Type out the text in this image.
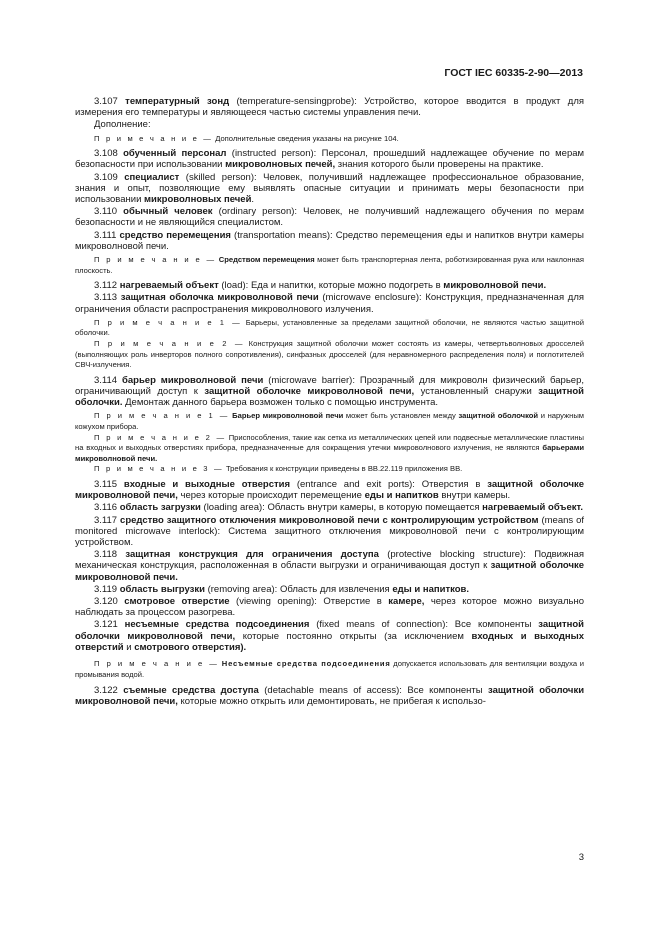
ГОСТ IEC 60335-2-90—2013

3.107 температурный зонд (temperature-sensingprobe): Устройство, которое вводится в продукт для измерения его температуры и являющееся частью системы управления печи.

Дополнение:

П р и м е ч а н и е — Дополнительные сведения указаны на рисунке 104.

3.108 обученный персонал (instructed person): Персонал, прошедший надлежащее обучение по мерам безопасности при использовании микроволновых печей, знания которого были проверены на практике.

3.109 специалист (skilled person): Человек, получивший надлежащее профессиональное образование, знания и опыт, позволяющие ему выявлять опасные ситуации и принимать меры безопасности при использовании микроволновых печей.

3.110 обычный человек (ordinary person): Человек, не получивший надлежащего обучения по мерам безопасности и не являющийся специалистом.

3.111 средство перемещения (transportation means): Средство перемещения еды и напитков внутри камеры микроволновой печи.

П р и м е ч а н и е — Средством перемещения может быть транспортерная лента, роботизированная рука или наклонная плоскость.

3.112 нагреваемый объект (load): Еда и напитки, которые можно подогреть в микроволновой печи.

3.113 защитная оболочка микроволновой печи (microwave enclosure): Конструкция, предназначенная для ограничения области распространения микроволнового излучения.

П р и м е ч а н и е 1 — Барьеры, установленные за пределами защитной оболочки, не являются частью защитной оболочки.

П р и м е ч а н и е 2 — Конструкция защитной оболочки может состоять из камеры, четвертьволновых дросселей (выполняющих роль инверторов полного сопротивления), синфазных дросселей (для неравномерного распределения поля) и поглотителей СВЧ-излучения.

3.114 барьер микроволновой печи (microwave barrier): Прозрачный для микроволн физический барьер, ограничивающий доступ к защитной оболочке микроволновой печи, установленный снаружи защитной оболочки. Демонтаж данного барьера возможен только с помощью инструмента.

П р и м е ч а н и е 1 — Барьер микроволновой печи может быть установлен между защитной оболочкой и наружным кожухом прибора.

П р и м е ч а н и е 2 — Приспособления, такие как сетка из металлических цепей или подвесные металлические пластины на входных и выходных отверстиях прибора, предназначенные для сокращения утечки микроволнового излучения, не являются барьерами микроволновой печи.

П р и м е ч а н и е 3 — Требования к конструкции приведены в ВВ.22.119 приложения ВВ.

3.115 входные и выходные отверстия (entrance and exit ports): Отверстия в защитной оболочке микроволновой печи, через которые происходит перемещение еды и напитков внутри камеры.

3.116 область загрузки (loading area): Область внутри камеры, в которую помещается нагреваемый объект.

3.117 средство защитного отключения микроволновой печи с контролирующим устройством (means of monitored microwave interlock): Система защитного отключения микроволновой печи с контролирующим устройством.

3.118 защитная конструкция для ограничения доступа (protective blocking structure): Подвижная механическая конструкция, расположенная в области выгрузки и ограничивающая доступ к защитной оболочке микроволновой печи.

3.119 область выгрузки (removing area): Область для извлечения еды и напитков.

3.120 смотровое отверстие (viewing opening): Отверстие в камере, через которое можно визуально наблюдать за процессом разогрева.

3.121 несъемные средства подсоединения (fixed means of connection): Все компоненты защитной оболочки микроволновой печи, которые постоянно открыты (за исключением входных и выходных отверстий и смотрового отверстия).

П р и м е ч а н и е — Несъемные средства подсоединения допускается использовать для вентиляции воздуха и промывания водой.

3.122 съемные средства доступа (detachable means of access): Все компоненты защитной оболочки микроволновой печи, которые можно открыть или демонтировать, не прибегая к использо-

3
